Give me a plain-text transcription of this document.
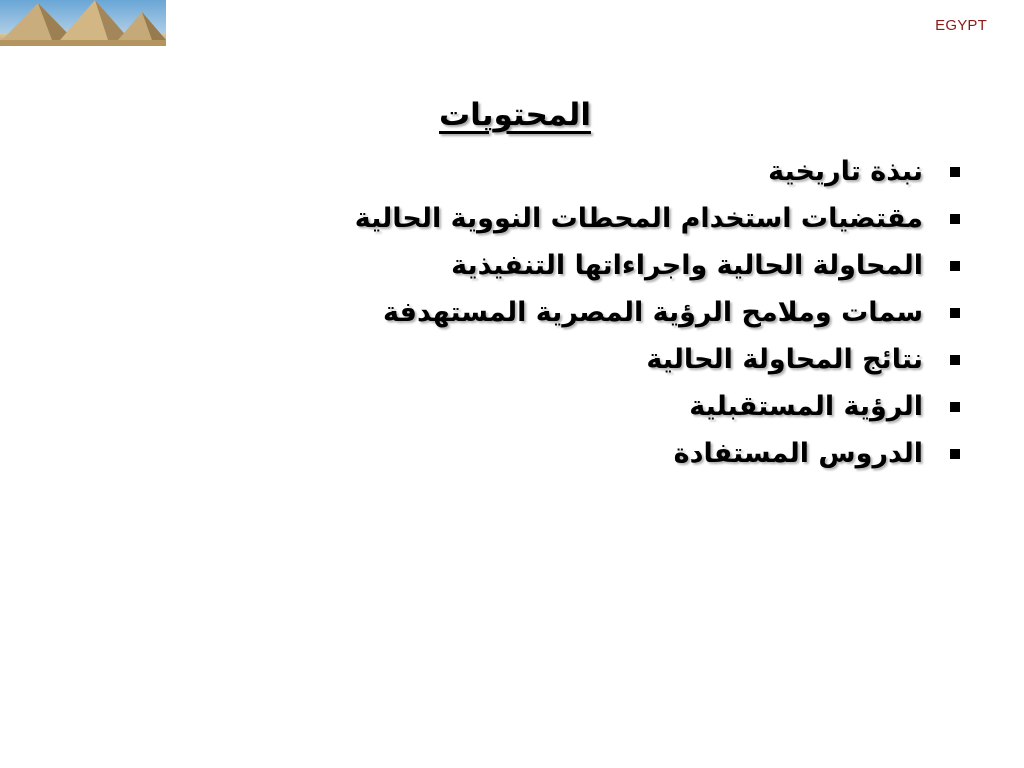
EGYPT
المحتويات
نبذة تاريخية
مقتضيات استخدام المحطات النووية الحالية
المحاولة الحالية واجراءاتها التنفيذية
سمات وملامح الرؤية المصرية المستهدفة
نتائج المحاولة الحالية
الرؤية المستقبلية
الدروس المستفادة
